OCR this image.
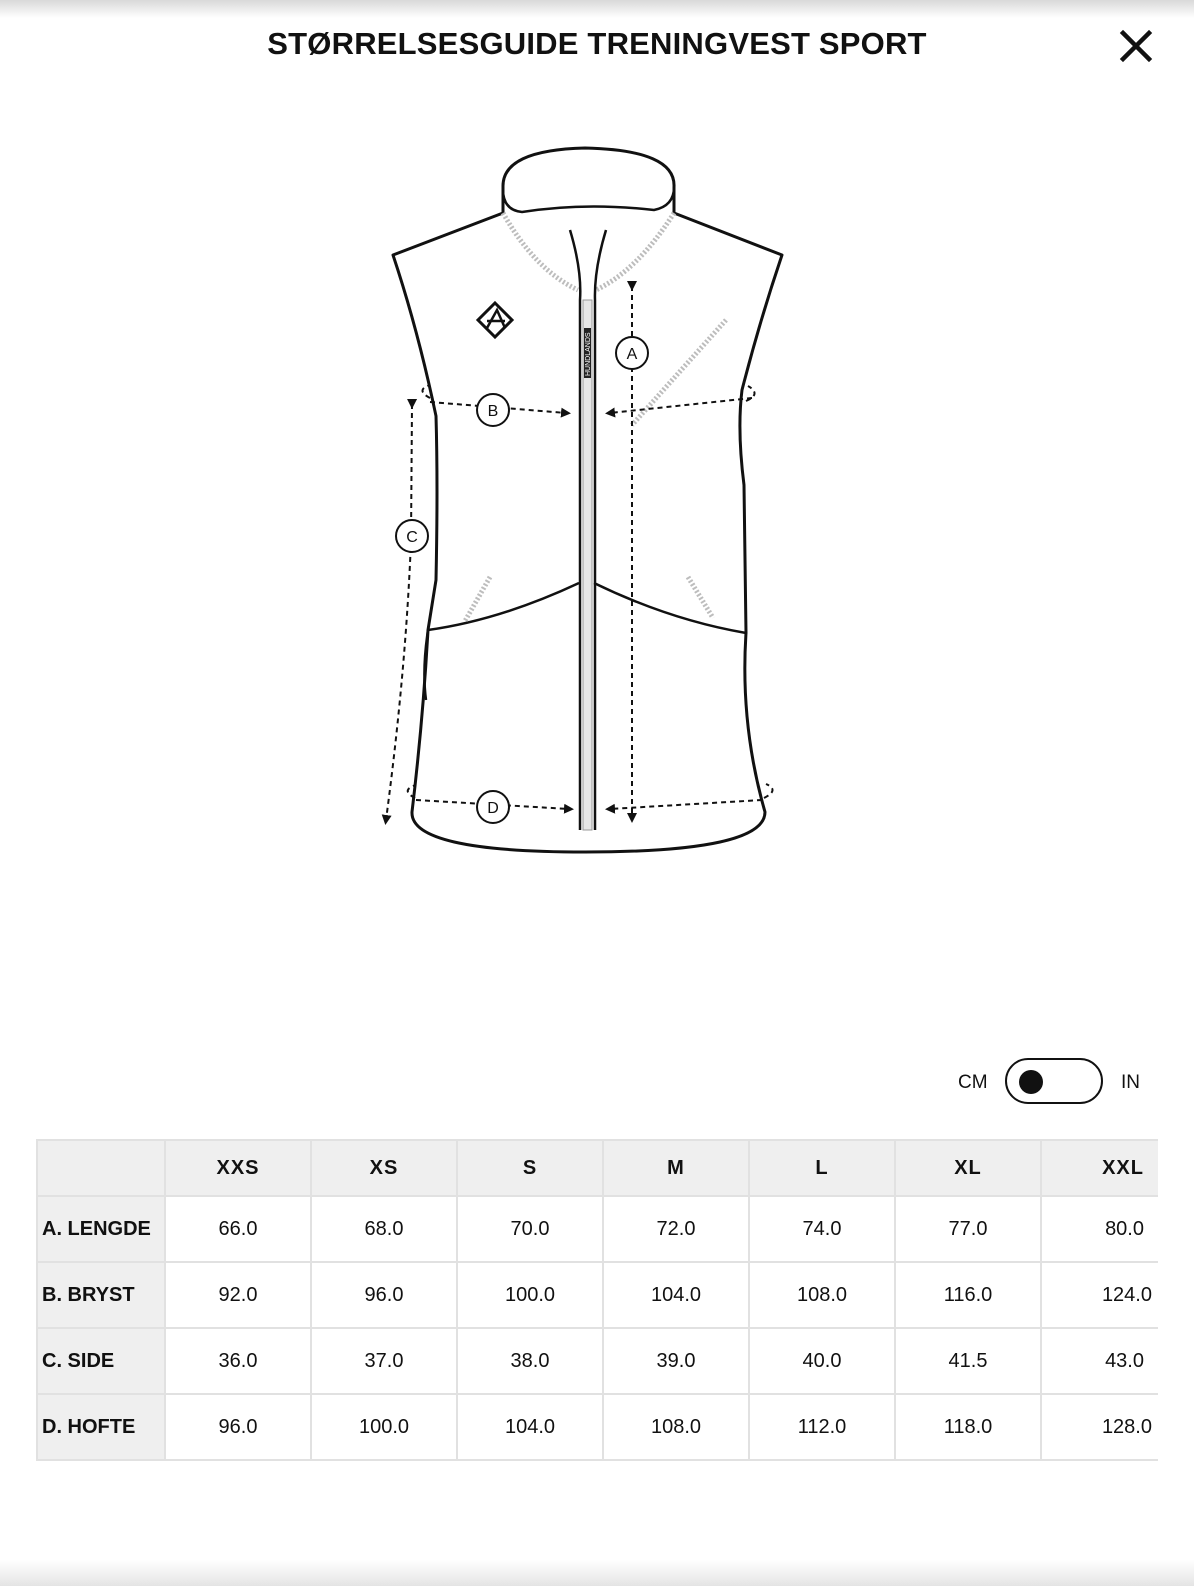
STØRRELSESGUIDE TRENINGVEST SPORT
HUNDLANDS A
B
C
D
CM	IN
	XXS	XS	S	M	L	XL	XXL
A. LENGDE	66.0	68.0	70.0	72.0	74.0	77.0	80.0
B. BRYST	92.0	96.0	100.0	104.0	108.0	116.0	124.0
C. SIDE	36.0	37.0	38.0	39.0	40.0	41.5	43.0
D. HOFTE	96.0	100.0	104.0	108.0	112.0	118.0	128.0
